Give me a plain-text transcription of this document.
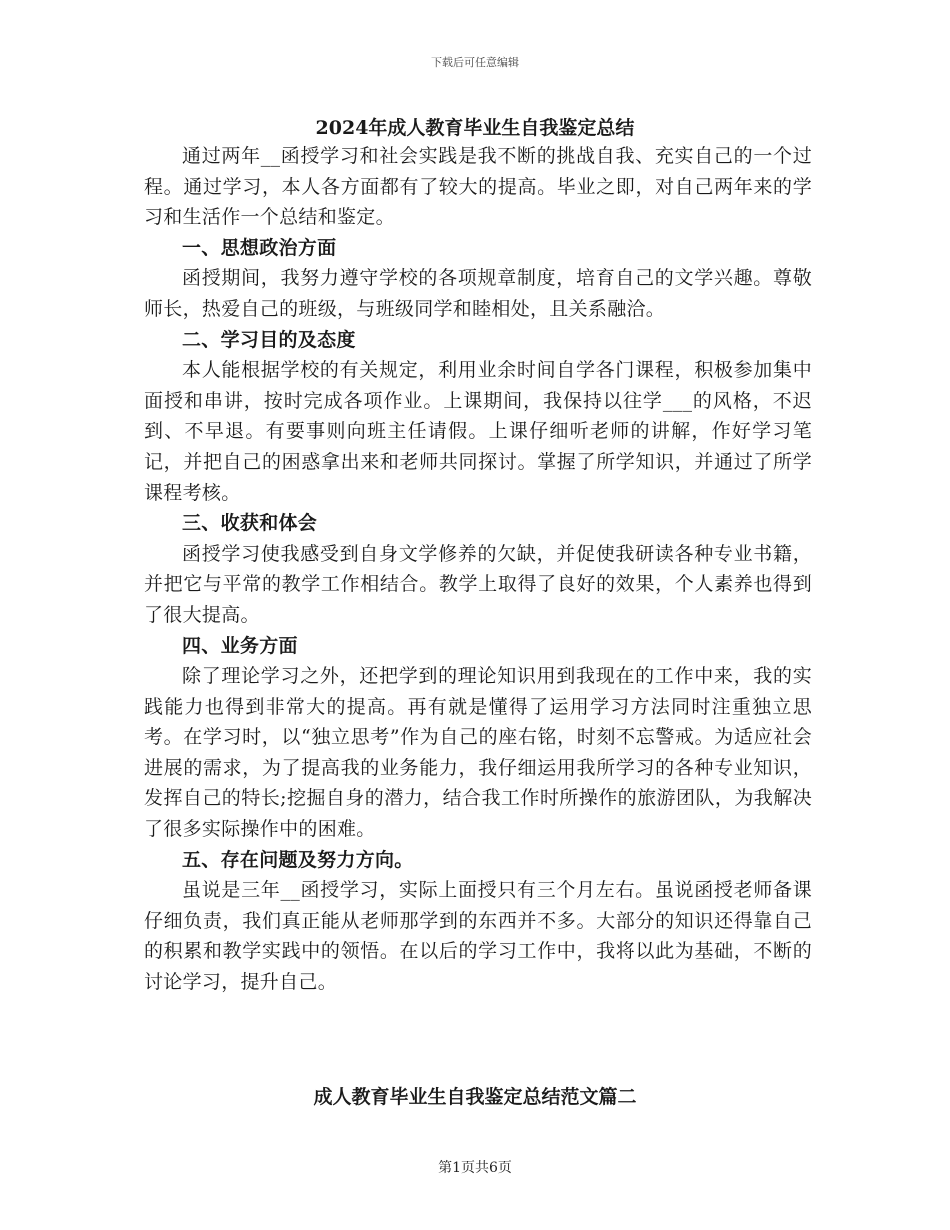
下载后可任意编辑
2024年成人教育毕业生自我鉴定总结

通过两年__函授学习和社会实践是我不断的挑战自我、充实自己的一个过程。通过学习，本人各方面都有了较大的提高。毕业之即，对自己两年来的学习和生活作一个总结和鉴定。

一、思想政治方面

函授期间，我努力遵守学校的各项规章制度，培育自己的文学兴趣。尊敬师长，热爱自己的班级，与班级同学和睦相处，且关系融洽。

二、学习目的及态度

本人能根据学校的有关规定，利用业余时间自学各门课程，积极参加集中面授和串讲，按时完成各项作业。上课期间，我保持以往学___的风格，不迟到、不早退。有要事则向班主任请假。上课仔细听老师的讲解，作好学习笔记，并把自己的困惑拿出来和老师共同探讨。掌握了所学知识，并通过了所学课程考核。

三、收获和体会

函授学习使我感受到自身文学修养的欠缺，并促使我研读各种专业书籍，并把它与平常的教学工作相结合。教学上取得了良好的效果，个人素养也得到了很大提高。

四、业务方面

除了理论学习之外，还把学到的理论知识用到我现在的工作中来，我的实践能力也得到非常大的提高。再有就是懂得了运用学习方法同时注重独立思考。在学习时，以“独立思考”作为自己的座右铭，时刻不忘警戒。为适应社会进展的需求，为了提高我的业务能力，我仔细运用我所学习的各种专业知识，发挥自己的特长;挖掘自身的潜力，结合我工作时所操作的旅游团队，为我解决了很多实际操作中的困难。

五、存在问题及努力方向。

虽说是三年__函授学习，实际上面授只有三个月左右。虽说函授老师备课仔细负责，我们真正能从老师那学到的东西并不多。大部分的知识还得靠自己的积累和教学实践中的领悟。在以后的学习工作中，我将以此为基础，不断的讨论学习，提升自己。

成人教育毕业生自我鉴定总结范文篇二
第1页共6页
